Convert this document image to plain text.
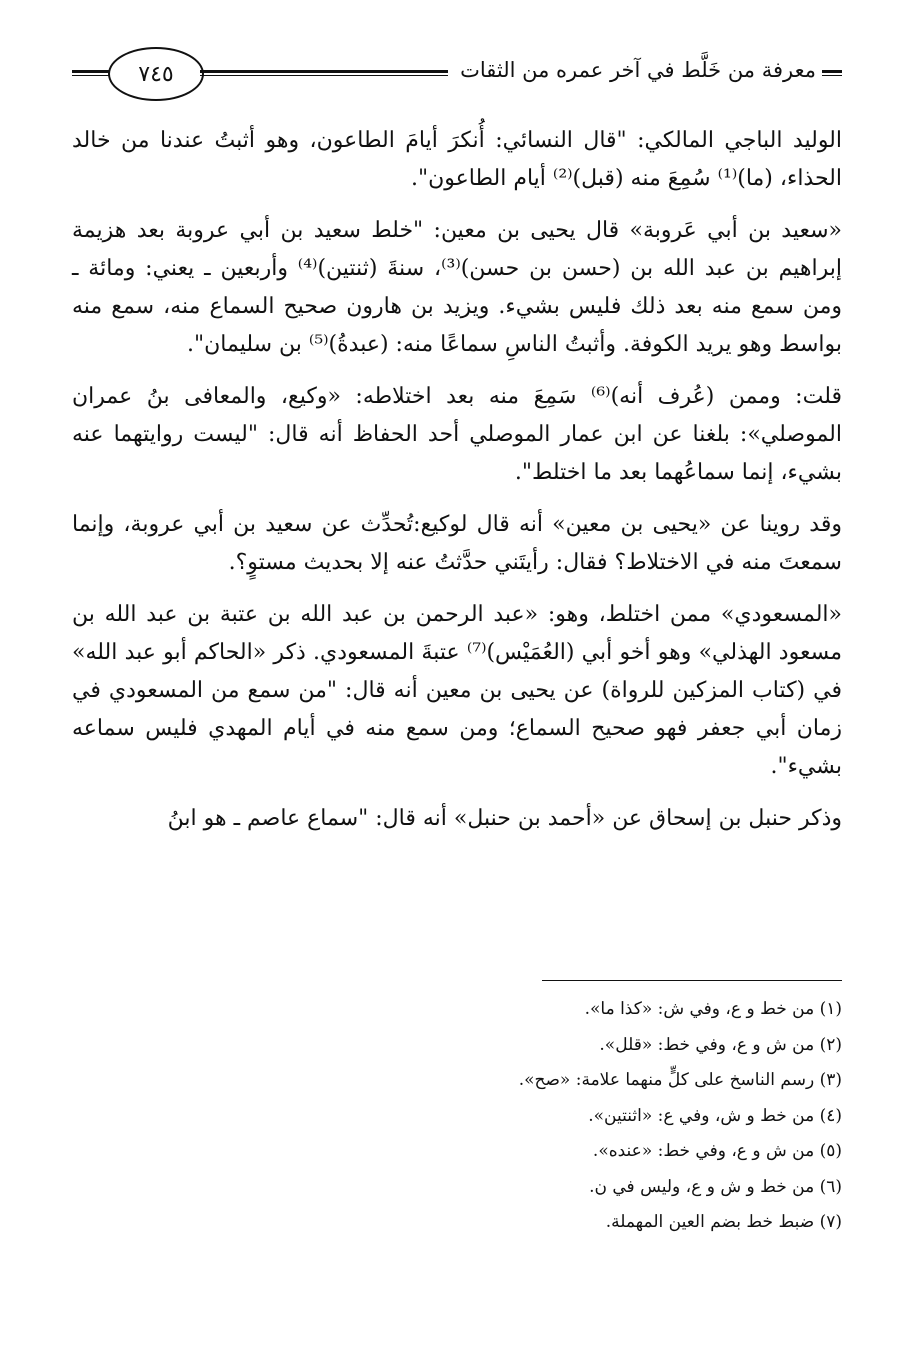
٧٤٥	معرفة من خَلَّط في آخر عمره من الثقات

الوليد الباجي المالكي: "قال النسائي: أُنكرَ أيامَ الطاعون، وهو أثبتُ عندنا من خالد الحذاء، (ما)⁽¹⁾ سُمِعَ منه (قبل)⁽²⁾ أيام الطاعون".

«سعيد بن أبي عَروبة» قال يحيى بن معين: "خلط سعيد بن أبي عروبة بعد هزيمة إبراهيم بن عبد الله بن (حسن بن حسن)⁽³⁾، سنةَ (ثنتين)⁽⁴⁾ وأربعين ـ يعني: ومائة ـ ومن سمع منه بعد ذلك فليس بشيء. ويزيد بن هارون صحيح السماع منه، سمع منه بواسط وهو يريد الكوفة. وأثبتُ الناسِ سماعًا منه: (عبدةُ)⁽⁵⁾ بن سليمان".

قلت: وممن (عُرف أنه)⁽⁶⁾ سَمِعَ منه بعد اختلاطه: «وكيع، والمعافى بنُ عمران الموصلي»: بلغنا عن ابن عمار الموصلي أحد الحفاظ أنه قال: "ليست روايتهما عنه بشيء، إنما سماعُهما بعد ما اختلط".

وقد روينا عن «يحيى بن معين» أنه قال لوكيع:تُحدِّث عن سعيد بن أبي عروبة، وإنما سمعتَ منه في الاختلاط؟ فقال: رأيتَني حدَّثتُ عنه إلا بحديث مستوٍ؟.

«المسعودي» ممن اختلط، وهو: «عبد الرحمن بن عبد الله بن عتبة بن عبد الله بن مسعود الهذلي» وهو أخو أبي (العُمَيْس)⁽⁷⁾ عتبةَ المسعودي. ذكر «الحاكم أبو عبد الله» في (كتاب المزكين للرواة) عن يحيى بن معين أنه قال: "من سمع من المسعودي في زمان أبي جعفر فهو صحيح السماع؛ ومن سمع منه في أيام المهدي فليس سماعه بشيء".

وذكر حنبل بن إسحاق عن «أحمد بن حنبل» أنه قال: "سماع عاصم ـ هو ابنُ

(١) من خط و ع، وفي ش: «كذا ما».
(٢) من ش و ع، وفي خط: «قلل».
(٣) رسم الناسخ على كلٍّ منهما علامة: «صح».
(٤) من خط و ش، وفي ع: «اثنتين».
(٥) من ش و ع، وفي خط: «عنده».
(٦) من خط و ش و ع، وليس في ن.
(٧) ضبط خط بضم العين المهملة.
